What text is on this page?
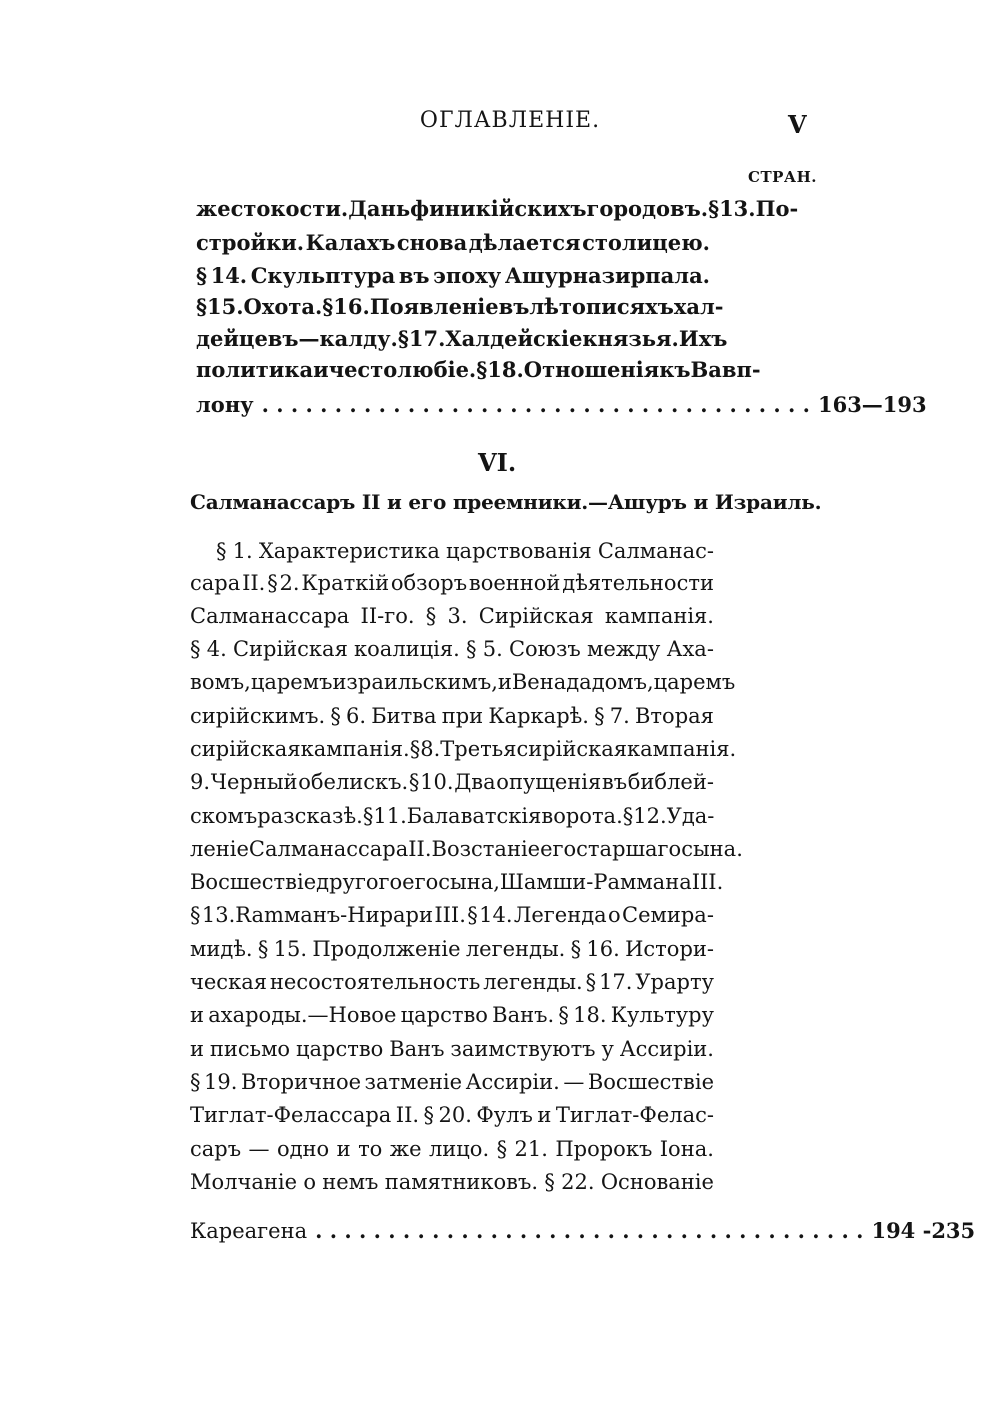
ОГЛАВЛЕНІЕ.	V
СТРАН.
жестокости. Дань финикійскихъ городовъ. § 13. По-
стройки. Калахъ снова дѣлается столицею.
§ 14. Скульптура въ эпоху Ашурназирпала.
§ 15. Охота. § 16. Появленіе въ лѣтописяхъ хал-
дейцевъ — калду. § 17. Халдейскіе князья. Ихъ
политика и честолюбіе. § 18. Отношенія къ Вавп-
лону . . . . . . . . . . . . . . . . . . . . . . . . . . . . . . . . . . . . . . 163—193
VI.
Салманассаръ II и его преемники.—Ашуръ и Израиль.
§ 1. Характеристика царствованія Салманас-
сара II. § 2. Краткій обзоръ военной дѣятельности
Салманассара II-го. § 3. Сирійская кампанія.
§ 4. Сирійская коалиція. § 5. Союзъ между Аха-
вомъ, царемъ израильскимъ, и Венададомъ, царемъ
сирійскимъ. § 6. Битва при Каркарѣ. § 7. Вторая
сирійская кампанія. § 8. Третья сирійская кампанія.
9. Черный обелискъ. § 10. Два опущенія въ библей-
скомъ разсказѣ. § 11. Балаватскія ворота. § 12. Уда-
леніе Салманассара II. Возстаніе его старшаго сына.
Восшествіе другого его сына, Шамши-Раммана III.
§ 13.Ramманъ-Нирари III. § 14. Легенда о Семира-
мидѣ. § 15. Продолженіе легенды. § 16. Истори-
ческая несостоятельность легенды. § 17. Урарту
и ахароды.—Новое царство Ванъ. § 18. Культуру
и письмо царство Ванъ заимствуютъ у Ассиріи.
§ 19. Вторичное затменіе Ассиріи. — Восшествіе
Тиглат-Фелассара II. § 20. Фулъ и Тиглат-Фелас-
саръ — одно и то же лицо. § 21. Пророкъ Іона.
Молчаніе о немъ памятниковъ. § 22. Основаніе
Кареагена . . . . . . . . . . . . . . . . . . . . . . . . . . . . . . . . . . . . . . 194 -235
